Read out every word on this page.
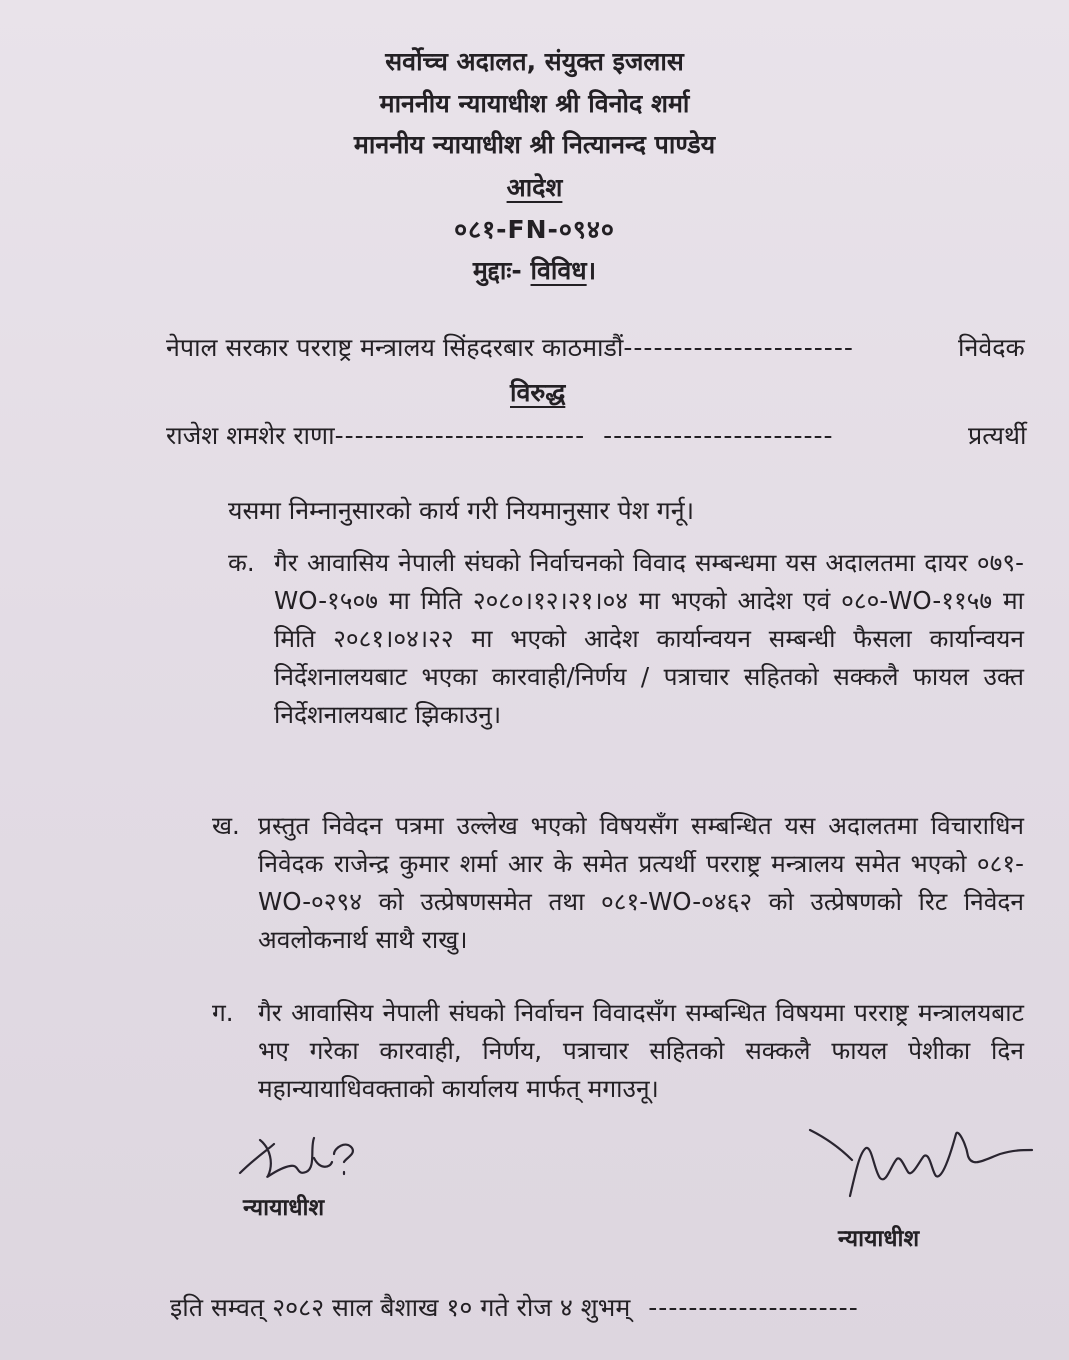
सर्वोच्च अदालत, संयुक्त इजलास
माननीय न्यायाधीश श्री विनोद शर्मा
माननीय न्यायाधीश श्री नित्यानन्द पाण्डेय
आदेश
०८१-FN-०९४०
मुद्दाः- विविध।
नेपाल सरकार परराष्ट्र मन्त्रालय सिंहदरबार काठमाडौं-----------------------	निवेदक
विरुद्ध
राजेश शमशेर राणा------------------------- -----------------------	प्रत्यर्थी
यसमा निम्नानुसारको कार्य गरी नियमानुसार पेश गर्नू।
क. गैर आवासिय नेपाली संघको निर्वाचनको विवाद सम्बन्धमा यस अदालतमा दायर ०७९-WO-१५०७ मा मिति २०८०।१२।२१।०४ मा भएको आदेश एवं ०८०-WO-११५७ मा मिति २०८१।०४।२२ मा भएको आदेश कार्यान्वयन सम्बन्धी फैसला कार्यान्वयन निर्देशनालयबाट भएका कारवाही/निर्णय / पत्राचार सहितको सक्कलै फायल उक्त निर्देशनालयबाट झिकाउनु।
ख. प्रस्तुत निवेदन पत्रमा उल्लेख भएको विषयसँग सम्बन्धित यस अदालतमा विचाराधिन निवेदक राजेन्द्र कुमार शर्मा आर के समेत प्रत्यर्थी परराष्ट्र मन्त्रालय समेत भएको ०८१-WO-०२९४ को उत्प्रेषणसमेत तथा ०८१-WO-०४६२ को उत्प्रेषणको रिट निवेदन अवलोकनार्थ साथै राखु।
ग. गैर आवासिय नेपाली संघको निर्वाचन विवादसँग सम्बन्धित विषयमा परराष्ट्र मन्त्रालयबाट भए गरेका कारवाही, निर्णय, पत्राचार सहितको सक्कलै फायल पेशीका दिन महान्यायाधिवक्ताको कार्यालय मार्फत् मगाउनू।
न्यायाधीश
न्यायाधीश
इति सम्वत् २०८२ साल बैशाख १० गते रोज ४ शुभम् ---------------------
